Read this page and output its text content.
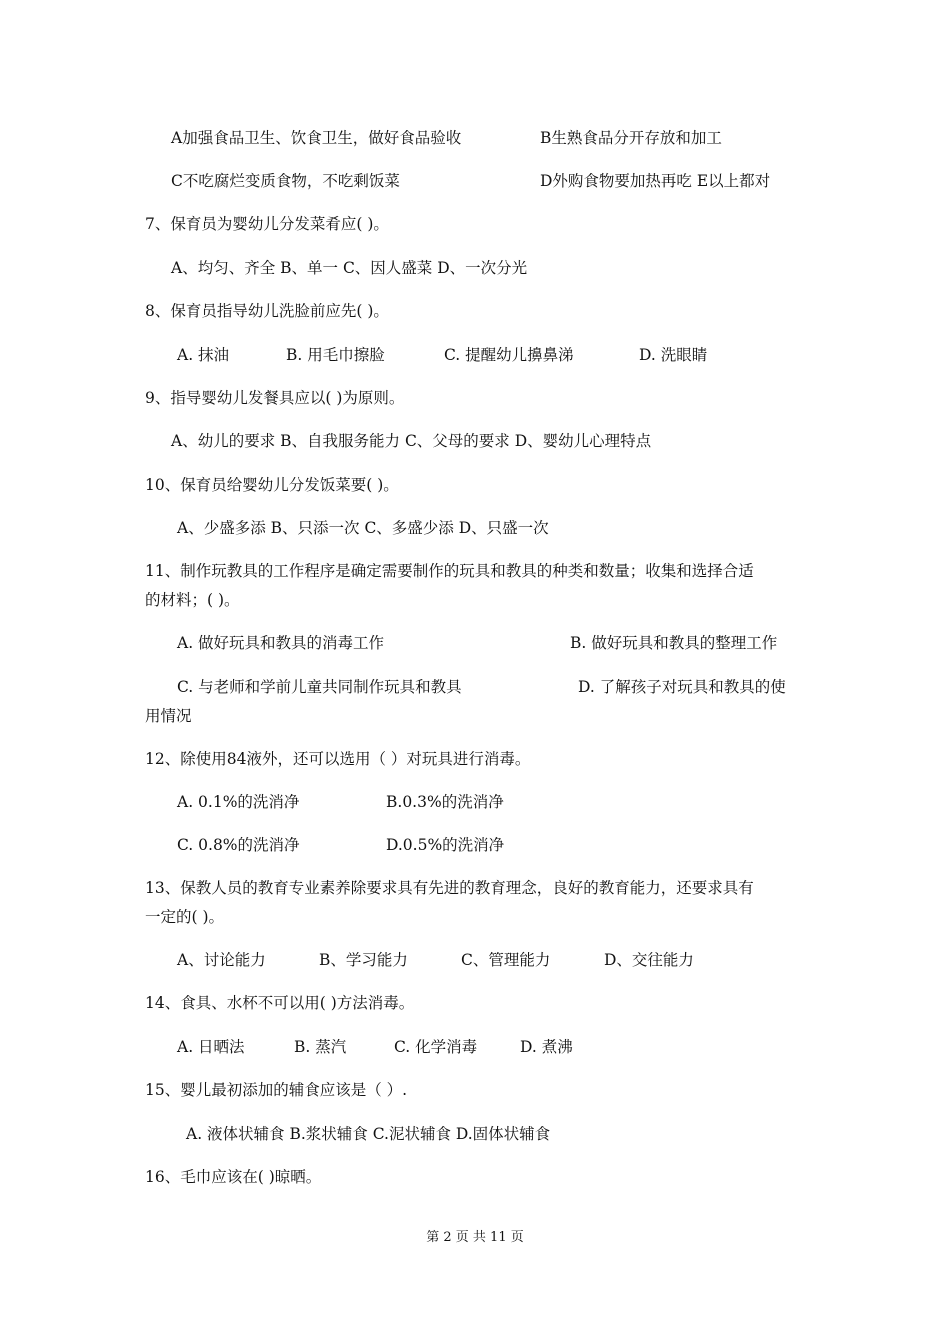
A加强食品卫生、饮食卫生，做好食品验收	B生熟食品分开存放和加工
C不吃腐烂变质食物，不吃剩饭菜	D外购食物要加热再吃 E以上都对
7、保育员为婴幼儿分发菜肴应( )。
A、均匀、齐全 B、单一 C、因人盛菜 D、一次分光
8、保育员指导幼儿洗脸前应先( )。
A. 抹油	B. 用毛巾擦脸	C. 提醒幼儿擤鼻涕	D. 洗眼睛
9、指导婴幼儿发餐具应以( )为原则。
A、幼儿的要求 B、自我服务能力 C、父母的要求 D、婴幼儿心理特点
10、保育员给婴幼儿分发饭菜要( )。
A、少盛多添 B、只添一次 C、多盛少添 D、只盛一次
11、制作玩教具的工作程序是确定需要制作的玩具和教具的种类和数量；收集和选择合适
的材料；( )。
A. 做好玩具和教具的消毒工作	B. 做好玩具和教具的整理工作
C. 与老师和学前儿童共同制作玩具和教具	D. 了解孩子对玩具和教具的使
用情况
12、除使用84液外，还可以选用（ ）对玩具进行消毒。
A. 0.1%的洗消净	B.0.3%的洗消净
C. 0.8%的洗消净	D.0.5%的洗消净
13、保教人员的教育专业素养除要求具有先进的教育理念，良好的教育能力，还要求具有
一定的( )。
A、讨论能力	B、学习能力	C、管理能力	D、交往能力
14、食具、水杯不可以用( )方法消毒。
A. 日晒法	B. 蒸汽	C. 化学消毒	D. 煮沸
15、婴儿最初添加的辅食应该是（ ）.
A. 液体状辅食 B.浆状辅食 C.泥状辅食 D.固体状辅食
16、毛巾应该在( )晾晒。
第 2 页 共 11 页
